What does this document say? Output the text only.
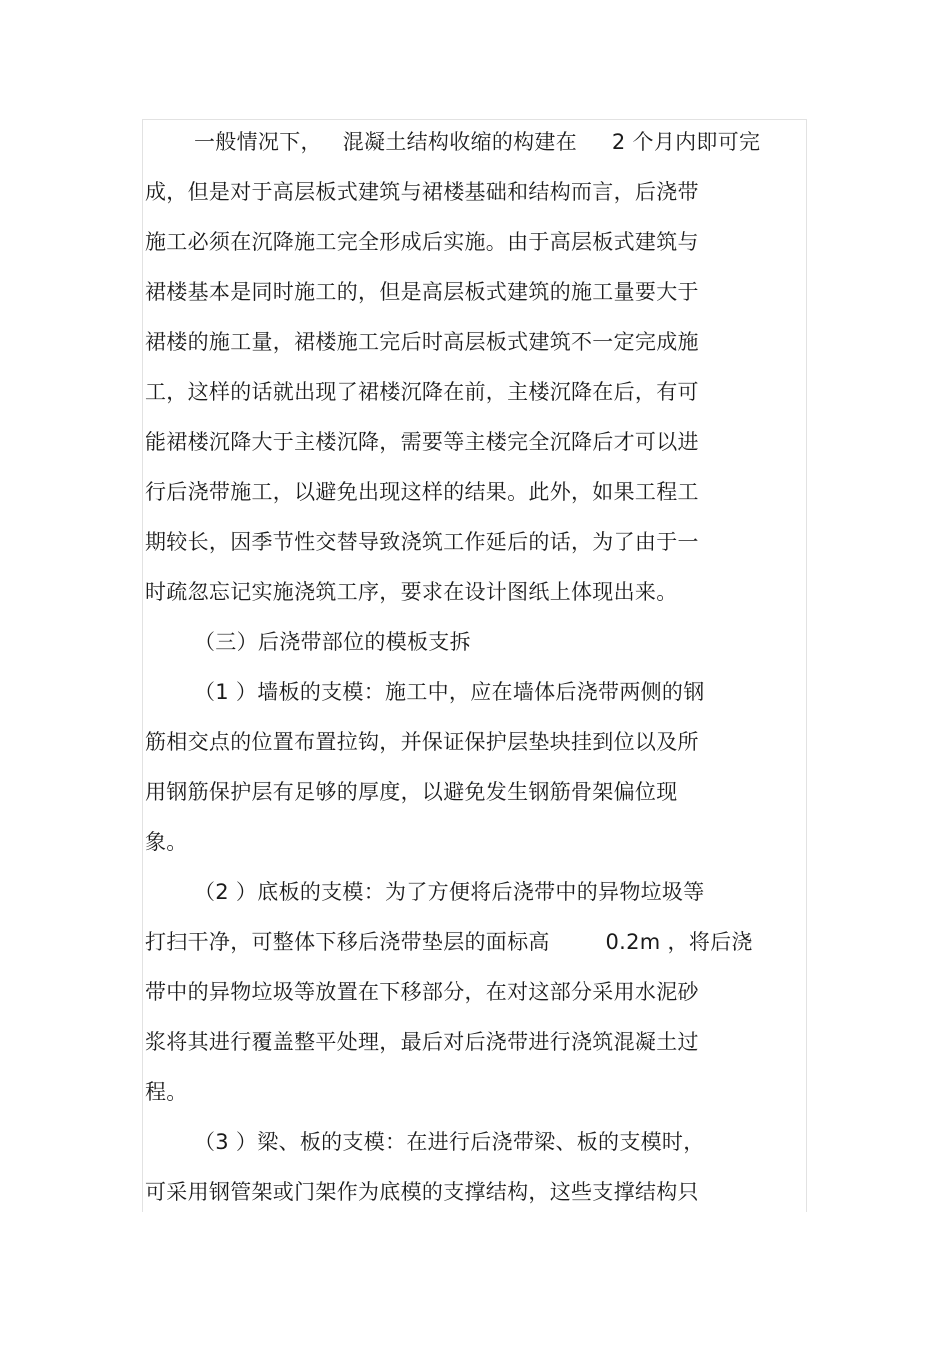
一般情况下，   混凝土结构收缩的构建在     2 个月内即可完
成，但是对于高层板式建筑与裙楼基础和结构而言，后浇带
施工必须在沉降施工完全形成后实施。由于高层板式建筑与
裙楼基本是同时施工的，但是高层板式建筑的施工量要大于
裙楼的施工量，裙楼施工完后时高层板式建筑不一定完成施
工，这样的话就出现了裙楼沉降在前，主楼沉降在后，有可
能裙楼沉降大于主楼沉降，需要等主楼完全沉降后才可以进
行后浇带施工，以避免出现这样的结果。此外，如果工程工
期较长，因季节性交替导致浇筑工作延后的话，为了由于一
时疏忽忘记实施浇筑工序，要求在设计图纸上体现出来。
（三）后浇带部位的模板支拆
（1 ）墙板的支模：施工中，应在墙体后浇带两侧的钢
筋相交点的位置布置拉钩，并保证保护层垫块挂到位以及所
用钢筋保护层有足够的厚度，以避免发生钢筋骨架偏位现
象。
（2 ）底板的支模：为了方便将后浇带中的异物垃圾等
打扫干净，可整体下移后浇带垫层的面标高        0.2m ，将后浇
带中的异物垃圾等放置在下移部分，在对这部分采用水泥砂
浆将其进行覆盖整平处理，最后对后浇带进行浇筑混凝土过
程。
（3 ）梁、板的支模：在进行后浇带梁、板的支模时，
可采用钢管架或门架作为底模的支撑结构，这些支撑结构只
